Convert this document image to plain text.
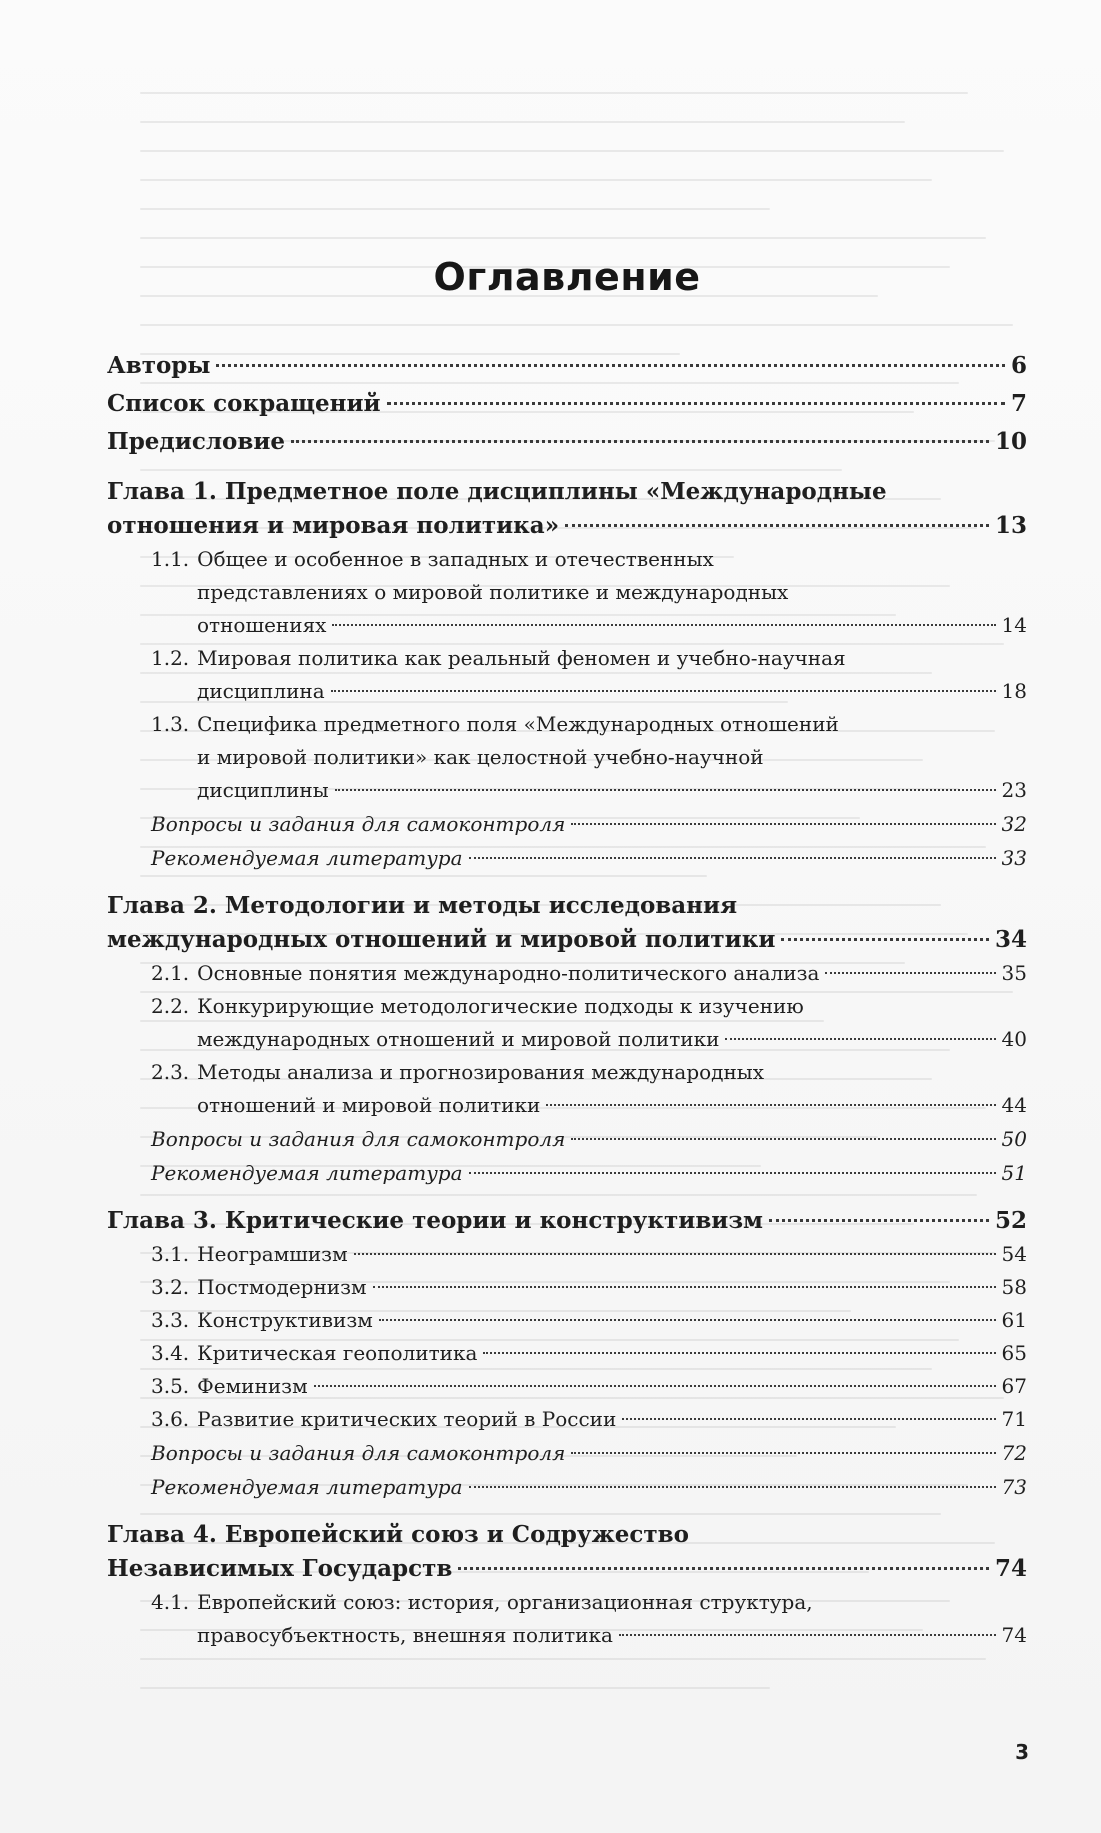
Оглавление
Авторы	6
Список сокращений	7
Предисловие	10
Глава 1. Предметное поле дисциплины «Международные
отношения и мировая политика»	13
1.1. Общее и особенное в западных и отечественных
представлениях о мировой политике и международных
отношениях	14
1.2. Мировая политика как реальный феномен и учебно-научная
дисциплина	18
1.3. Специфика предметного поля «Международных отношений
и мировой политики» как целостной учебно-научной
дисциплины	23
Вопросы и задания для самоконтроля	32
Рекомендуемая литература	33
Глава 2. Методологии и методы исследования
международных отношений и мировой политики	34
2.1. Основные понятия международно-политического анализа	35
2.2. Конкурирующие методологические подходы к изучению
международных отношений и мировой политики	40
2.3. Методы анализа и прогнозирования международных
отношений и мировой политики	44
Вопросы и задания для самоконтроля	50
Рекомендуемая литература	51
Глава 3. Критические теории и конструктивизм	52
3.1. Неограмшизм	54
3.2. Постмодернизм	58
3.3. Конструктивизм	61
3.4. Критическая геополитика	65
3.5. Феминизм	67
3.6. Развитие критических теорий в России	71
Вопросы и задания для самоконтроля	72
Рекомендуемая литература	73
Глава 4. Европейский союз и Содружество
Независимых Государств	74
4.1. Европейский союз: история, организационная структура,
правосубъектность, внешняя политика	74
3
